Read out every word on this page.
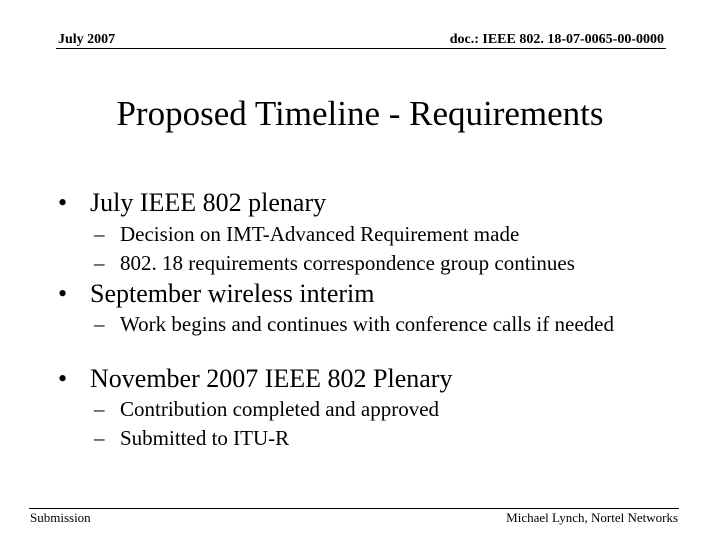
July 2007	doc.: IEEE 802. 18-07-0065-00-0000
Proposed Timeline - Requirements
• July IEEE 802 plenary
– Decision on IMT-Advanced Requirement made
– 802. 18 requirements correspondence group continues
• September wireless interim
– Work begins and continues with conference calls if needed
• November 2007 IEEE 802 Plenary
– Contribution completed and approved
– Submitted to ITU-R
Submission	Michael Lynch, Nortel Networks
